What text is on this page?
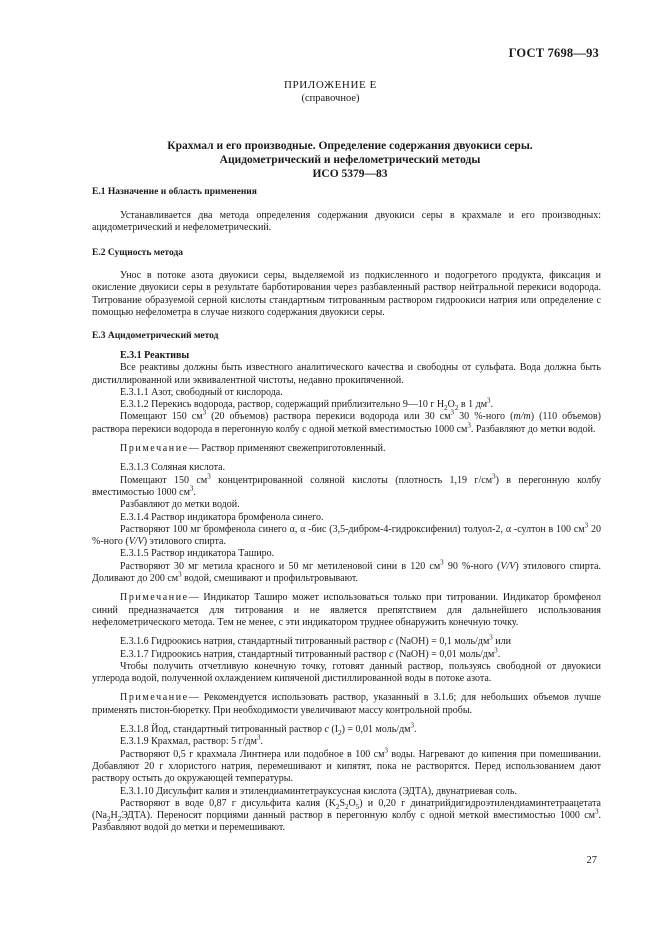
ГОСТ 7698—93
ПРИЛОЖЕНИЕ Е
(справочное)
Крахмал и его производные. Определение содержания двуокиси серы.
Ацидометрический и нефелометрический методы
ИСО 5379—83
Е.1 Назначение и область применения

Устанавливается два метода определения содержания двуокиси серы в крахмале и его производных: ацидометрический и нефелометрический.

Е.2 Сущность метода

Унос в потоке азота двуокиси серы, выделяемой из подкисленного и подогретого продукта, фиксация и окисление двуокиси серы в результате барботирования через разбавленный раствор нейтральной перекиси водорода. Титрование образуемой серной кислоты стандартным титрованным раствором гидроокиси натрия или определение с помощью нефелометра в случае низкого содержания двуокиси серы.

Е.3 Ацидометрический метод

Е.3.1 Реактивы

Все реактивы должны быть известного аналитического качества и свободны от сульфата. Вода должна быть дистиллированной или эквивалентной чистоты, недавно прокипяченной.

Е.3.1.1 Азот, свободный от кислорода.

Е.3.1.2 Перекись водорода, раствор, содержащий приблизительно 9—10 г $H_2O_2$ в 1 $дм^3$.

Помещают 150 $см^3$ (20 объемов) раствора перекиси водорода или 30 $см^3$ 30 %-ного (m/m) (110 объемов) раствора перекиси водорода в перегонную колбу с одной меткой вместимостью 1000 $см^3$. Разбавляют до метки водой.

Примечание— Раствор применяют свежеприготовленный.

Е.3.1.3 Соляная кислота.

Помещают 150 $см^3$ концентрированной соляной кислоты (плотность 1,19 $г/см^3$) в перегонную колбу вместимостью 1000 $см^3$.

Разбавляют до метки водой.

Е.3.1.4 Раствор индикатора бромфенола синего.

Растворяют 100 мг бромфенола синего α, α -бис (3,5-дибром-4-гидроксифенил) толуол-2, α -султон в 100 $см^3$ 20 %-ного (V/V) этилового спирта.

Е.3.1.5 Раствор индикатора Таширо.

Растворяют 30 мг метила красного и 50 мг метиленовой сини в 120 $см^3$ 90 %-ного (V/V) этилового спирта. Доливают до 200 $см^3$ водой, смешивают и профильтровывают.

Примечание— Индикатор Таширо может использоваться только при титровании. Индикатор бромфенол синий предназначается для титрования и не является препятствием для дальнейшего использования нефелометрического метода. Тем не менее, с эти индикатором труднее обнаружить конечную точку.

Е.3.1.6 Гидроокись натрия, стандартный титрованный раствор c (NaOH) = 0,1 моль/$дм^3$ или

Е.3.1.7 Гидроокись натрия, стандартный титрованный раствор c (NaOH) = 0,01 моль/$дм^3$.

Чтобы получить отчетливую конечную точку, готовят данный раствор, пользуясь свободной от двуокиси углерода водой, полученной охлаждением кипяченой дистиллированной воды в потоке азота.

Примечание— Рекомендуется использовать раствор, указанный в 3.1.6; для небольших объемов лучше применять пистон-бюретку. При необходимости увеличивают массу контрольной пробы.

Е.3.1.8 Йод, стандартный титрованный раствор c $(I_2) = 0,01$ моль/$дм^3$.

Е.3.1.9 Крахмал, раствор: 5 $г/дм^3$.

Растворяют 0,5 г крахмала Линтнера или подобное в 100 $см^3$ воды. Нагревают до кипения при помешивании. Добавляют 20 г хлористого натрия, перемешивают и кипятят, пока не растворятся. Перед использованием дают раствору остыть до окружающей температуры.

Е.3.1.10 Дисульфит калия и этилендиаминтетрауксусная кислота (ЭДТА), двунатриевая соль.

Растворяют в воде 0,87 г дисульфита калия $(K_2S_2O_5)$ и 0,20 г динатрийдигидроэтилендиаминтетраацетата $(Na_2H_2ЭДТА)$. Переносят порциями данный раствор в перегонную колбу с одной меткой вместимостью 1000 $см^3$. Разбавляют водой до метки и перемешивают.

27
